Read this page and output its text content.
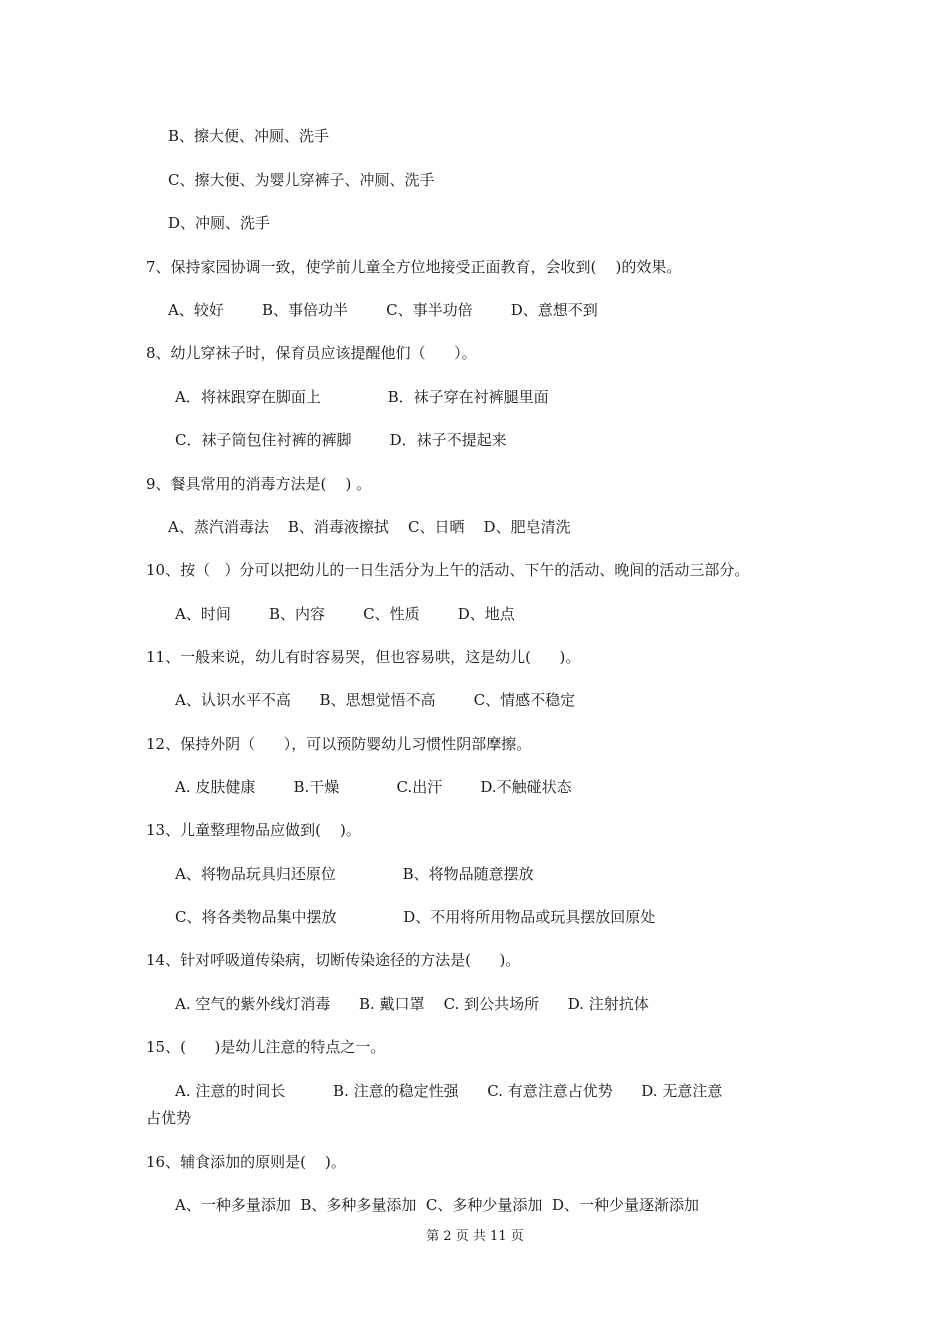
B、擦大便、冲厕、洗手
C、擦大便、为婴儿穿裤子、冲厕、洗手
D、冲厕、洗手
7、保持家园协调一致，使学前儿童全方位地接受正面教育，会收到(    )的效果。
A、较好        B、事倍功半        C、事半功倍        D、意想不到
8、幼儿穿袜子时，保育员应该提醒他们（      ）。
A．将袜跟穿在脚面上              B．袜子穿在衬裤腿里面
C．袜子筒包住衬裤的裤脚        D．袜子不提起来
9、餐具常用的消毒方法是(    ) 。
A、蒸汽消毒法    B、消毒液擦拭    C、日晒    D、肥皂清洗
10、按（   ）分可以把幼儿的一日生活分为上午的活动、下午的活动、晚间的活动三部分。
A、时间        B、内容        C、性质        D、地点
11、一般来说，幼儿有时容易哭，但也容易哄，这是幼儿(      )。
A、认识水平不高      B、思想觉悟不高        C、情感不稳定
12、保持外阴（      ），可以预防婴幼儿习惯性阴部摩擦。
A. 皮肤健康        B.干燥            C.出汗        D.不触碰状态
13、儿童整理物品应做到(    )。
A、将物品玩具归还原位              B、将物品随意摆放
C、将各类物品集中摆放              D、不用将所用物品或玩具摆放回原处
14、针对呼吸道传染病，切断传染途径的方法是(      )。
A. 空气的紫外线灯消毒      B. 戴口罩    C. 到公共场所      D. 注射抗体
15、(      )是幼儿注意的特点之一。
A. 注意的时间长          B. 注意的稳定性强      C. 有意注意占优势      D. 无意注意
占优势
16、辅食添加的原则是(    )。
A、一种多量添加  B、多种多量添加  C、多种少量添加  D、一种少量逐渐添加
第 2 页 共 11 页
